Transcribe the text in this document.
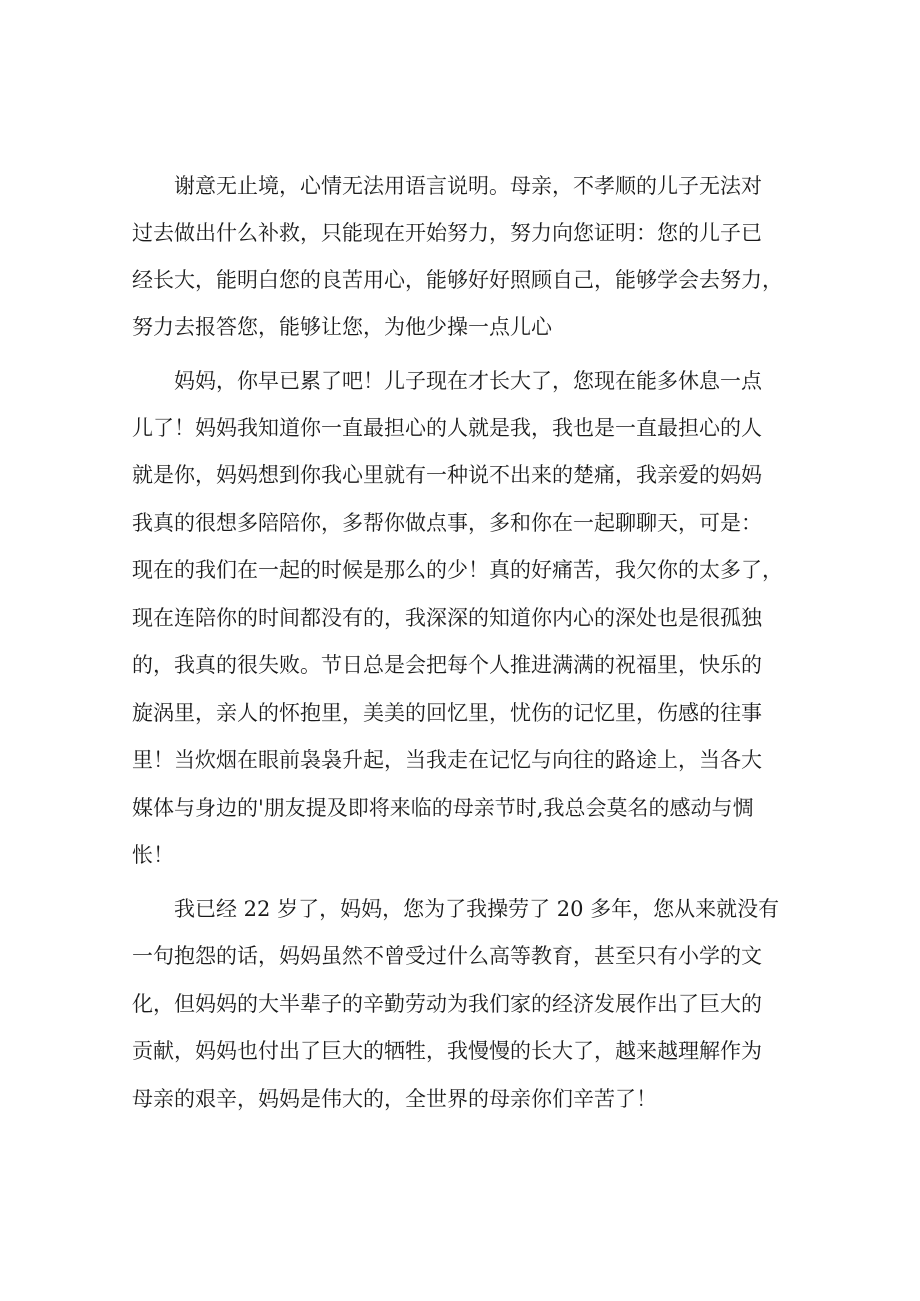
谢意无止境，心情无法用语言说明。母亲，不孝顺的儿子无法对

过去做出什么补救，只能现在开始努力，努力向您证明：您的儿子已

经长大，能明白您的良苦用心，能够好好照顾自己，能够学会去努力，

努力去报答您，能够让您，为他少操一点儿心

妈妈，你早已累了吧！儿子现在才长大了，您现在能多休息一点

儿了！妈妈我知道你一直最担心的人就是我，我也是一直最担心的人

就是你，妈妈想到你我心里就有一种说不出来的楚痛，我亲爱的妈妈

我真的很想多陪陪你，多帮你做点事，多和你在一起聊聊天，可是：

现在的我们在一起的时候是那么的少！真的好痛苦，我欠你的太多了，

现在连陪你的时间都没有的，我深深的知道你内心的深处也是很孤独

的，我真的很失败。节日总是会把每个人推进满满的祝福里，快乐的

旋涡里，亲人的怀抱里，美美的回忆里，忧伤的记忆里，伤感的往事

里！当炊烟在眼前袅袅升起，当我走在记忆与向往的路途上，当各大

媒体与身边的'朋友提及即将来临的母亲节时,我总会莫名的感动与惆

怅！

我已经 22 岁了，妈妈，您为了我操劳了 20 多年，您从来就没有

一句抱怨的话，妈妈虽然不曾受过什么高等教育，甚至只有小学的文

化，但妈妈的大半辈子的辛勤劳动为我们家的经济发展作出了巨大的

贡献，妈妈也付出了巨大的牺牲，我慢慢的长大了，越来越理解作为

母亲的艰辛，妈妈是伟大的，全世界的母亲你们辛苦了！
